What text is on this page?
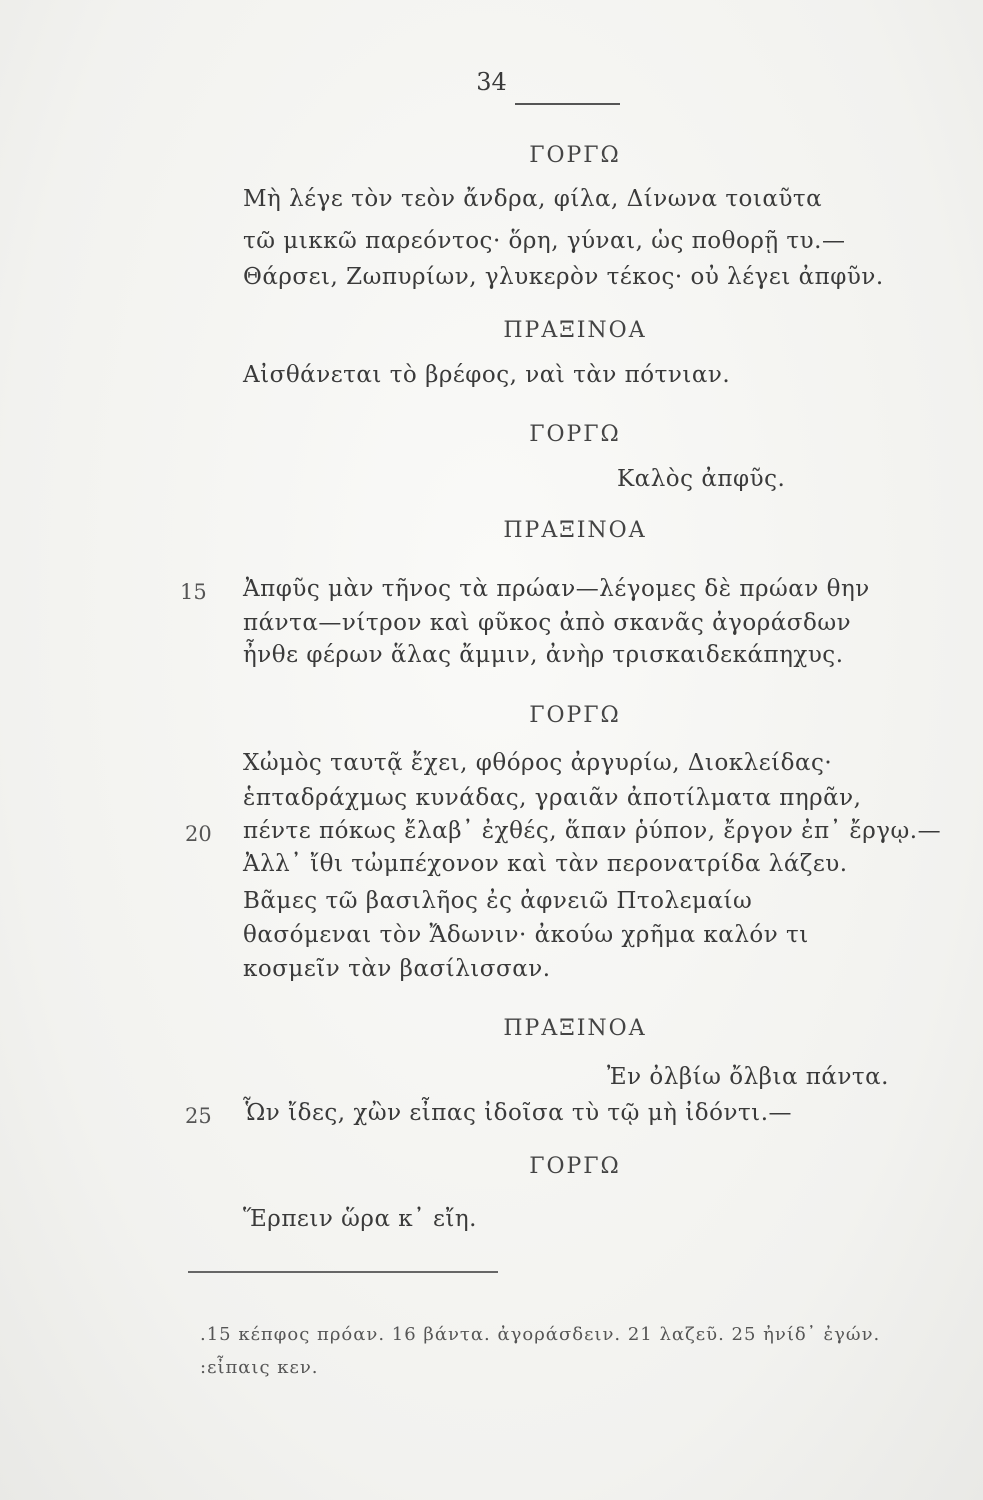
34
ΓΟΡΓΩ
Μὴ λέγε τὸν τεὸν ἄνδρα, φίλα, Δίνωνα τοιαῦτα
τῶ μικκῶ παρεόντος· ὅρη, γύναι, ὡς ποθορῇ τυ.—
Θάρσει, Ζωπυρίων, γλυκερὸν τέκος· οὐ λέγει ἀπφῦν.
ΠΡΑΞΙΝΟΑ
Αἰσθάνεται τὸ βρέφος, ναὶ τὰν πότνιαν.
ΓΟΡΓΩ
Καλὸς ἀπφῦς.
ΠΡΑΞΙΝΟΑ
15 Ἀπφῦς μὰν τῆνος τὰ πρώαν—λέγομες δὲ πρώαν θην
πάντα—νίτρον καὶ φῦκος ἀπὸ σκανᾶς ἀγοράσδων
ἦνθε φέρων ἅλας ἄμμιν, ἀνὴρ τρισκαιδεκάπηχυς.
ΓΟΡΓΩ
Χὠμὸς ταυτᾷ ἔχει, φθόρος ἀργυρίω, Διοκλείδας·
ἑπταδράχμως κυνάδας, γραιᾶν ἀποτίλματα πηρᾶν,
20 πέντε πόκως ἔλαβ᾽ ἐχθές, ἅπαν ῥύπον, ἔργον ἐπ᾽ ἔργῳ.—
Ἀλλ᾽ ἴθι τὠμπέχονον καὶ τὰν περονατρίδα λάζευ.
Βᾶμες τῶ βασιλῆος ἐς ἀφνειῶ Πτολεμαίω
θασόμεναι τὸν Ἄδωνιν· ἀκούω χρῆμα καλόν τι
κοσμεῖν τὰν βασίλισσαν.
ΠΡΑΞΙΝΟΑ
Ἐν ὀλβίω ὄλβια πάντα.
25 Ὧν ἴδες, χὢν εἶπας ἰδοῖσα τὺ τῷ μὴ ἰδόντι.—
ΓΟΡΓΩ
Ἕρπειν ὥρα κ᾽ εἴη.
.15 κέπφος πρόαν. 16 βάντα. ἀγοράσδειν. 21 λαζεῦ. 25 ἠνίδ᾽ ἐγών.
:εἶπαις κεν.
